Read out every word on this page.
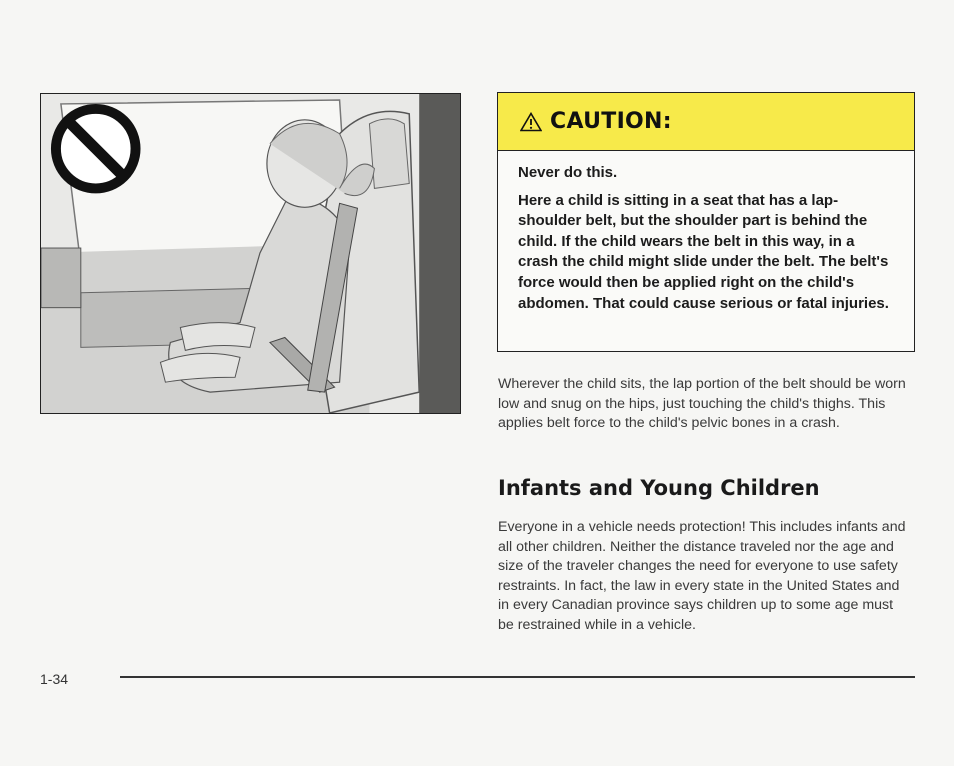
CAUTION:

Never do this.

Here a child is sitting in a seat that has a lap-shoulder belt, but the shoulder part is behind the child. If the child wears the belt in this way, in a crash the child might slide under the belt. The belt's force would then be applied right on the child's abdomen. That could cause serious or fatal injuries.

Wherever the child sits, the lap portion of the belt should be worn low and snug on the hips, just touching the child's thighs. This applies belt force to the child's pelvic bones in a crash.

Infants and Young Children

Everyone in a vehicle needs protection! This includes infants and all other children. Neither the distance traveled nor the age and size of the traveler changes the need for everyone to use safety restraints. In fact, the law in every state in the United States and in every Canadian province says children up to some age must be restrained while in a vehicle.

1-34
